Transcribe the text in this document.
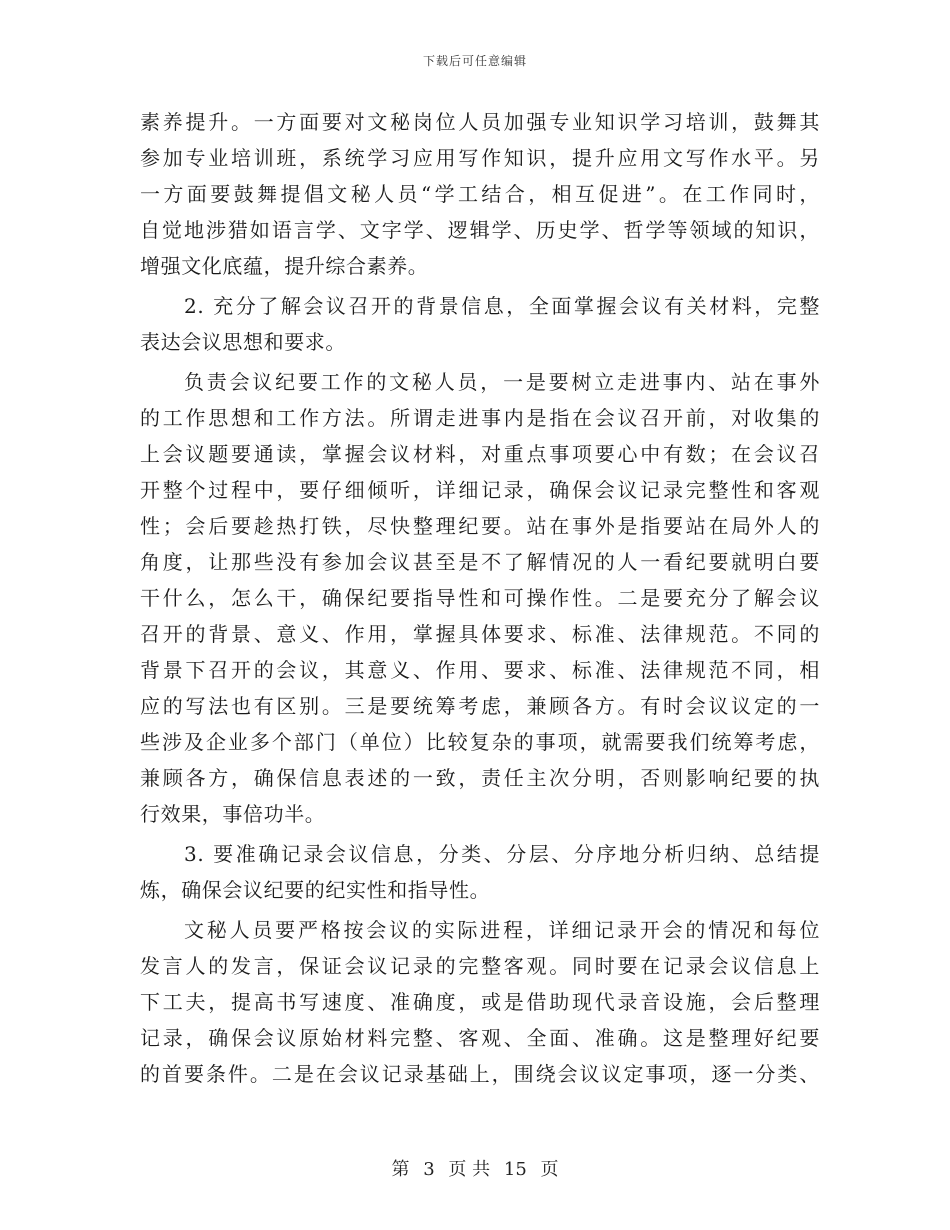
下载后可任意编辑
素养提升。一方面要对文秘岗位人员加强专业知识学习培训，鼓舞其
参加专业培训班，系统学习应用写作知识，提升应用文写作水平。另
一方面要鼓舞提倡文秘人员“学工结合，相互促进”。在工作同时，
自觉地涉猎如语言学、文字学、逻辑学、历史学、哲学等领域的知识，
增强文化底蕴，提升综合素养。
2. 充分了解会议召开的背景信息，全面掌握会议有关材料，完整
表达会议思想和要求。
负责会议纪要工作的文秘人员，一是要树立走进事内、站在事外
的工作思想和工作方法。所谓走进事内是指在会议召开前，对收集的
上会议题要通读，掌握会议材料，对重点事项要心中有数；在会议召
开整个过程中，要仔细倾听，详细记录，确保会议记录完整性和客观
性；会后要趁热打铁，尽快整理纪要。站在事外是指要站在局外人的
角度，让那些没有参加会议甚至是不了解情况的人一看纪要就明白要
干什么，怎么干，确保纪要指导性和可操作性。二是要充分了解会议
召开的背景、意义、作用，掌握具体要求、标准、法律规范。不同的
背景下召开的会议，其意义、作用、要求、标准、法律规范不同，相
应的写法也有区别。三是要统筹考虑，兼顾各方。有时会议议定的一
些涉及企业多个部门（单位）比较复杂的事项，就需要我们统筹考虑，
兼顾各方，确保信息表述的一致，责任主次分明，否则影响纪要的执
行效果，事倍功半。
3. 要准确记录会议信息，分类、分层、分序地分析归纳、总结提
炼，确保会议纪要的纪实性和指导性。
文秘人员要严格按会议的实际进程，详细记录开会的情况和每位
发言人的发言，保证会议记录的完整客观。同时要在记录会议信息上
下工夫，提高书写速度、准确度，或是借助现代录音设施，会后整理
记录，确保会议原始材料完整、客观、全面、准确。这是整理好纪要
的首要条件。二是在会议记录基础上，围绕会议议定事项，逐一分类、
第 3 页 共 15 页
